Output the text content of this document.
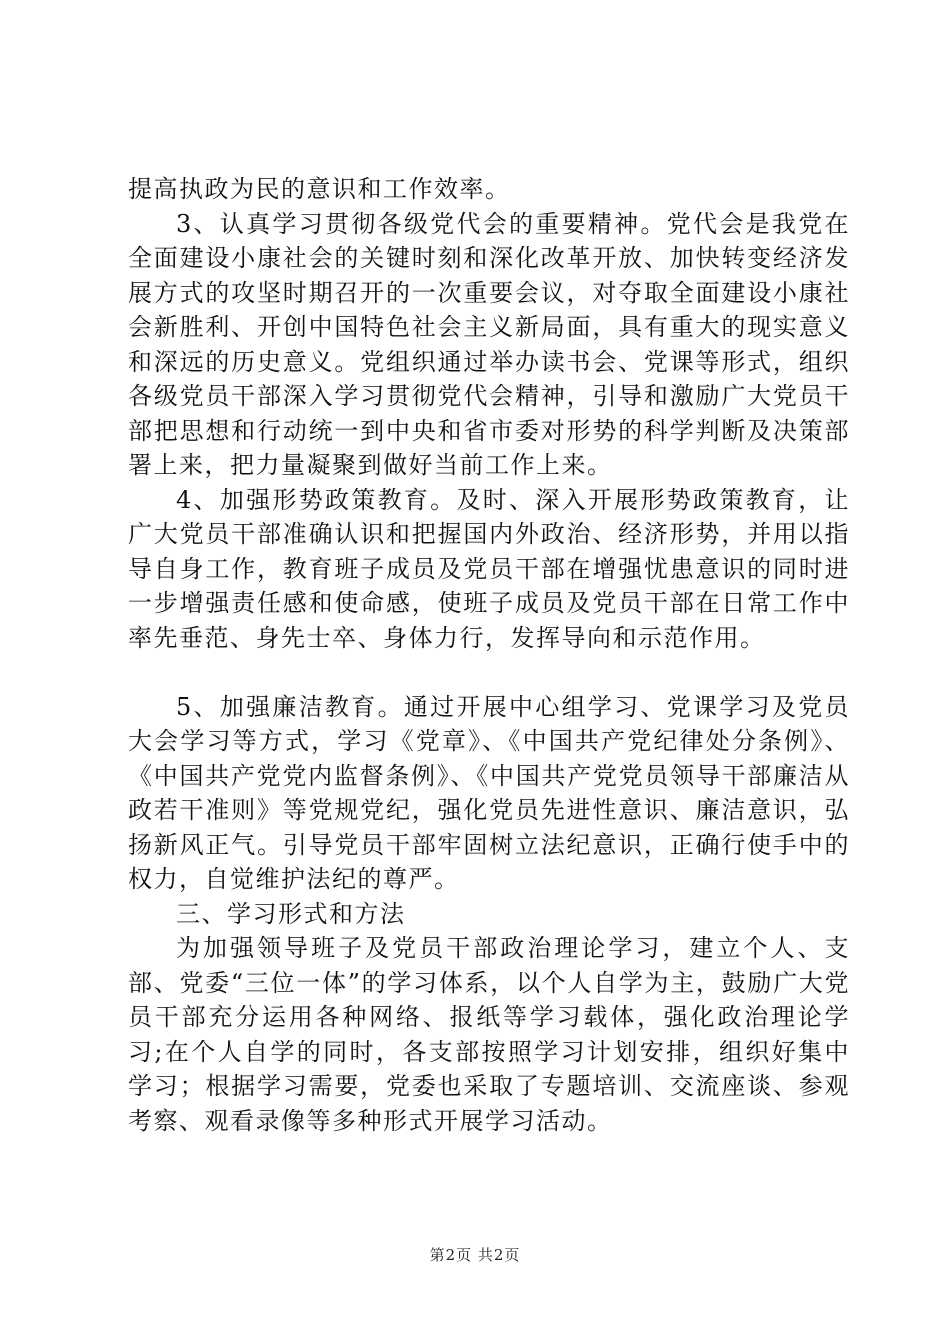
提高执政为民的意识和工作效率。

3、认真学习贯彻各级党代会的重要精神。党代会是我党在全面建设小康社会的关键时刻和深化改革开放、加快转变经济发展方式的攻坚时期召开的一次重要会议，对夺取全面建设小康社会新胜利、开创中国特色社会主义新局面，具有重大的现实意义和深远的历史意义。党组织通过举办读书会、党课等形式，组织各级党员干部深入学习贯彻党代会精神，引导和激励广大党员干部把思想和行动统一到中央和省市委对形势的科学判断及决策部署上来，把力量凝聚到做好当前工作上来。

4、加强形势政策教育。及时、深入开展形势政策教育，让广大党员干部准确认识和把握国内外政治、经济形势，并用以指导自身工作，教育班子成员及党员干部在增强忧患意识的同时进一步增强责任感和使命感，使班子成员及党员干部在日常工作中率先垂范、身先士卒、身体力行，发挥导向和示范作用。

5、加强廉洁教育。通过开展中心组学习、党课学习及党员大会学习等方式，学习《党章》、《中国共产党纪律处分条例》、《中国共产党党内监督条例》、《中国共产党党员领导干部廉洁从政若干准则》等党规党纪，强化党员先进性意识、廉洁意识，弘扬新风正气。引导党员干部牢固树立法纪意识，正确行使手中的权力，自觉维护法纪的尊严。

三、学习形式和方法

为加强领导班子及党员干部政治理论学习，建立个人、支部、党委“三位一体”的学习体系，以个人自学为主，鼓励广大党员干部充分运用各种网络、报纸等学习载体，强化政治理论学习;在个人自学的同时，各支部按照学习计划安排，组织好集中学习；根据学习需要，党委也采取了专题培训、交流座谈、参观考察、观看录像等多种形式开展学习活动。

第2页 共2页
